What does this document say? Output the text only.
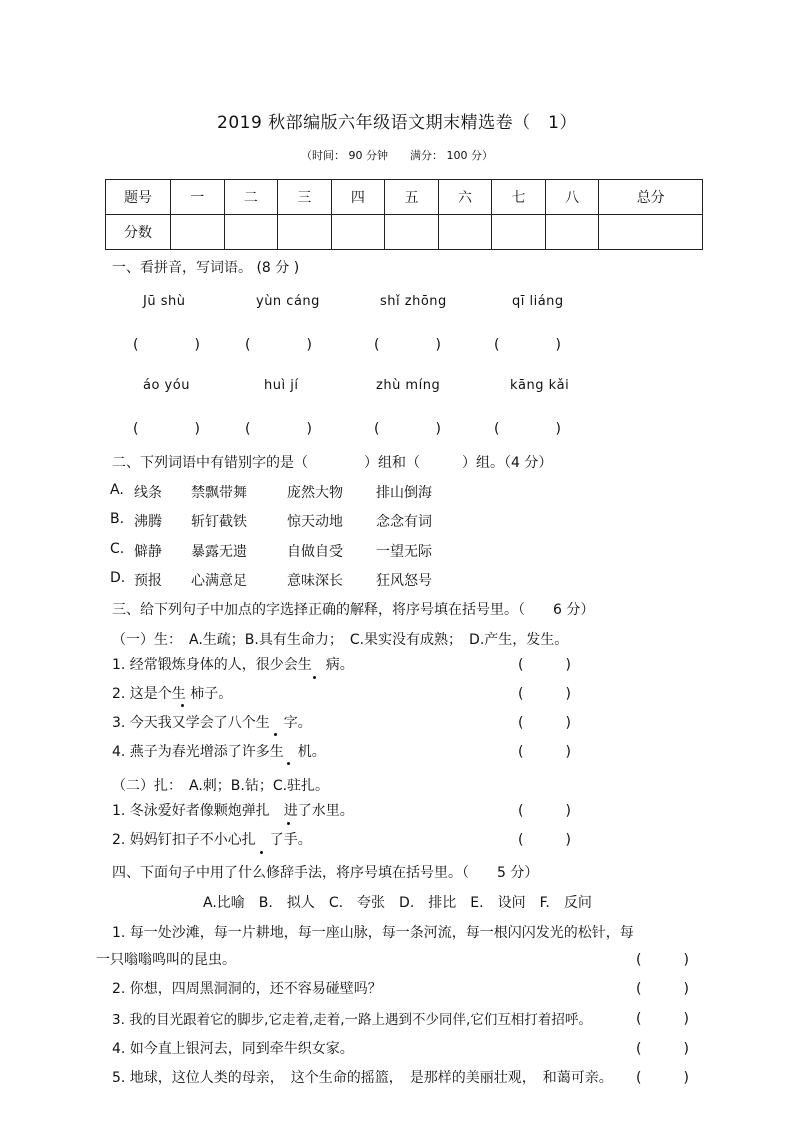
2019 秋部编版六年级语文期末精选卷（　1）
（时间： 90 分钟　　满分： 100 分）
题号	一	二	三	四	五	六	七	八	总分
分数									
一、看拼音，写词语。 (8 分 )
Jū shù	yùn cáng	shǐ zhōng	qī liáng
(　　　　)	(　　　　)	(　　　　)	(　　　　)
áo yóu	huì jí	zhù míng	kāng kǎi
(　　　　)	(　　　　)	(　　　　)	(　　　　)
二、下列词语中有错别字的是（　　　　）组和（　　　）组。（4 分）
A. 线条 禁飘带舞	庞然大物 排山倒海
B. 沸腾 斩钉截铁	惊天动地 念念有词
C. 僻静 暴露无遗	自做自受 一望无际
D. 预报 心满意足	意味深长 狂风怒号
三、给下列句子中加点的字选择正确的解释，将序号填在括号里。（　　6 分）
（一）生：　A.生疏；B.具有生命力；　C.果实没有成熟；　D.产生，发生。
1. 经常锻炼身体的人，很少会生　病。	(　　　)
2. 这是个生 柿子。	(　　　)
3. 今天我又学会了八个生　字。	(　　　)
4. 燕子为春光增添了许多生　机。	(　　　)
（二）扎：　A.刺；B.钻；C.驻扎。
1. 冬泳爱好者像颗炮弹扎　进了水里。	(　　　)
2. 妈妈钉扣子不小心扎　了手。	(　　　)
四、下面句子中用了什么修辞手法，将序号填在括号里。（　　5 分）
A.比喻　B.　拟人　C.　夸张　D.　排比　E.　设问　F.　反问
1. 每一处沙滩，每一片耕地，每一座山脉，每一条河流，每一根闪闪发光的松针，每
一只嗡嗡鸣叫的昆虫。	(　　　)
2. 你想，四周黑洞洞的，还不容易碰壁吗？	(　　　)
3. 我的目光跟着它的脚步,它走着,走着,一路上遇到不少同伴,它们互相打着招呼。	(　　　)
4. 如今直上银河去，同到牵牛织女家。	(　　　)
5. 地球，这位人类的母亲，　这个生命的摇篮，　是那样的美丽壮观，　和蔼可亲。 (　　　)
